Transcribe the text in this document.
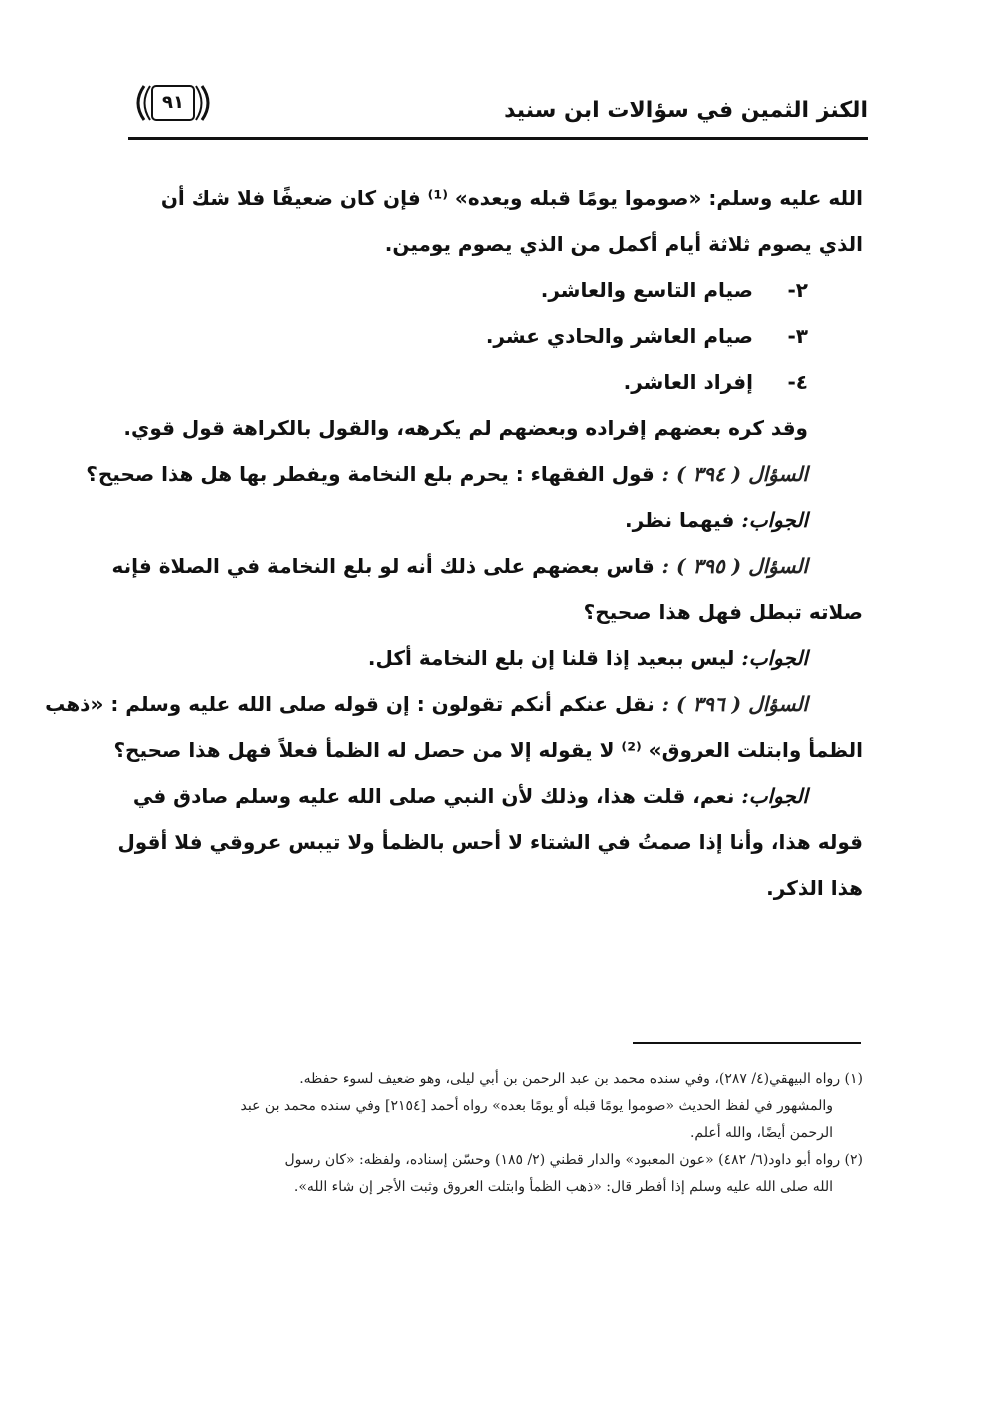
الكنز الثمين في سؤالات ابن سنيد
٩١
الله عليه وسلم: «صوموا يومًا قبله ويعده» ⁽¹⁾ فإن كان ضعيفًا فلا شك أن
الذي يصوم ثلاثة أيام أكمل من الذي يصوم يومين.
٢-صيام التاسع والعاشر.
٣-صيام العاشر والحادي عشر.
٤-إفراد العاشر.
وقد كره بعضهم إفراده وبعضهم لم يكرهه، والقول بالكراهة قول قوي.
السؤال ( ٣٩٤ ) : قول الفقهاء : يحرم بلع النخامة ويفطر بها هل هذا صحيح؟
الجواب: فيهما نظر.
السؤال ( ٣٩٥ ) : قاس بعضهم على ذلك أنه لو بلع النخامة في الصلاة فإنه
صلاته تبطل فهل هذا صحيح؟
الجواب: ليس ببعيد إذا قلنا إن بلع النخامة أكل.
السؤال ( ٣٩٦ ) : نقل عنكم أنكم تقولون : إن قوله صلى الله عليه وسلم : «ذهب
الظمأ وابتلت العروق» ⁽²⁾ لا يقوله إلا من حصل له الظمأ فعلاً فهل هذا صحيح؟
الجواب: نعم، قلت هذا، وذلك لأن النبي صلى الله عليه وسلم صادق في
قوله هذا، وأنا إذا صمتُ في الشتاء لا أحس بالظمأ ولا تيبس عروقي فلا أقول
هذا الذكر.
(١) رواه البيهقي(٤/ ٢٨٧)، وفي سنده محمد بن عبد الرحمن بن أبي ليلى، وهو ضعيف لسوء حفظه.
والمشهور في لفظ الحديث «صوموا يومًا قبله أو يومًا بعده» رواه أحمد [٢١٥٤] وفي سنده محمد بن عبد
الرحمن أيضًا، والله أعلم.
(٢) رواه أبو داود(٦/ ٤٨٢) «عون المعبود» والدار قطني (٢/ ١٨٥) وحسّن إسناده، ولفظه: «كان رسول
الله صلى الله عليه وسلم إذا أفطر قال: «ذهب الظمأ وابتلت العروق وثبت الأجر إن شاء الله».
